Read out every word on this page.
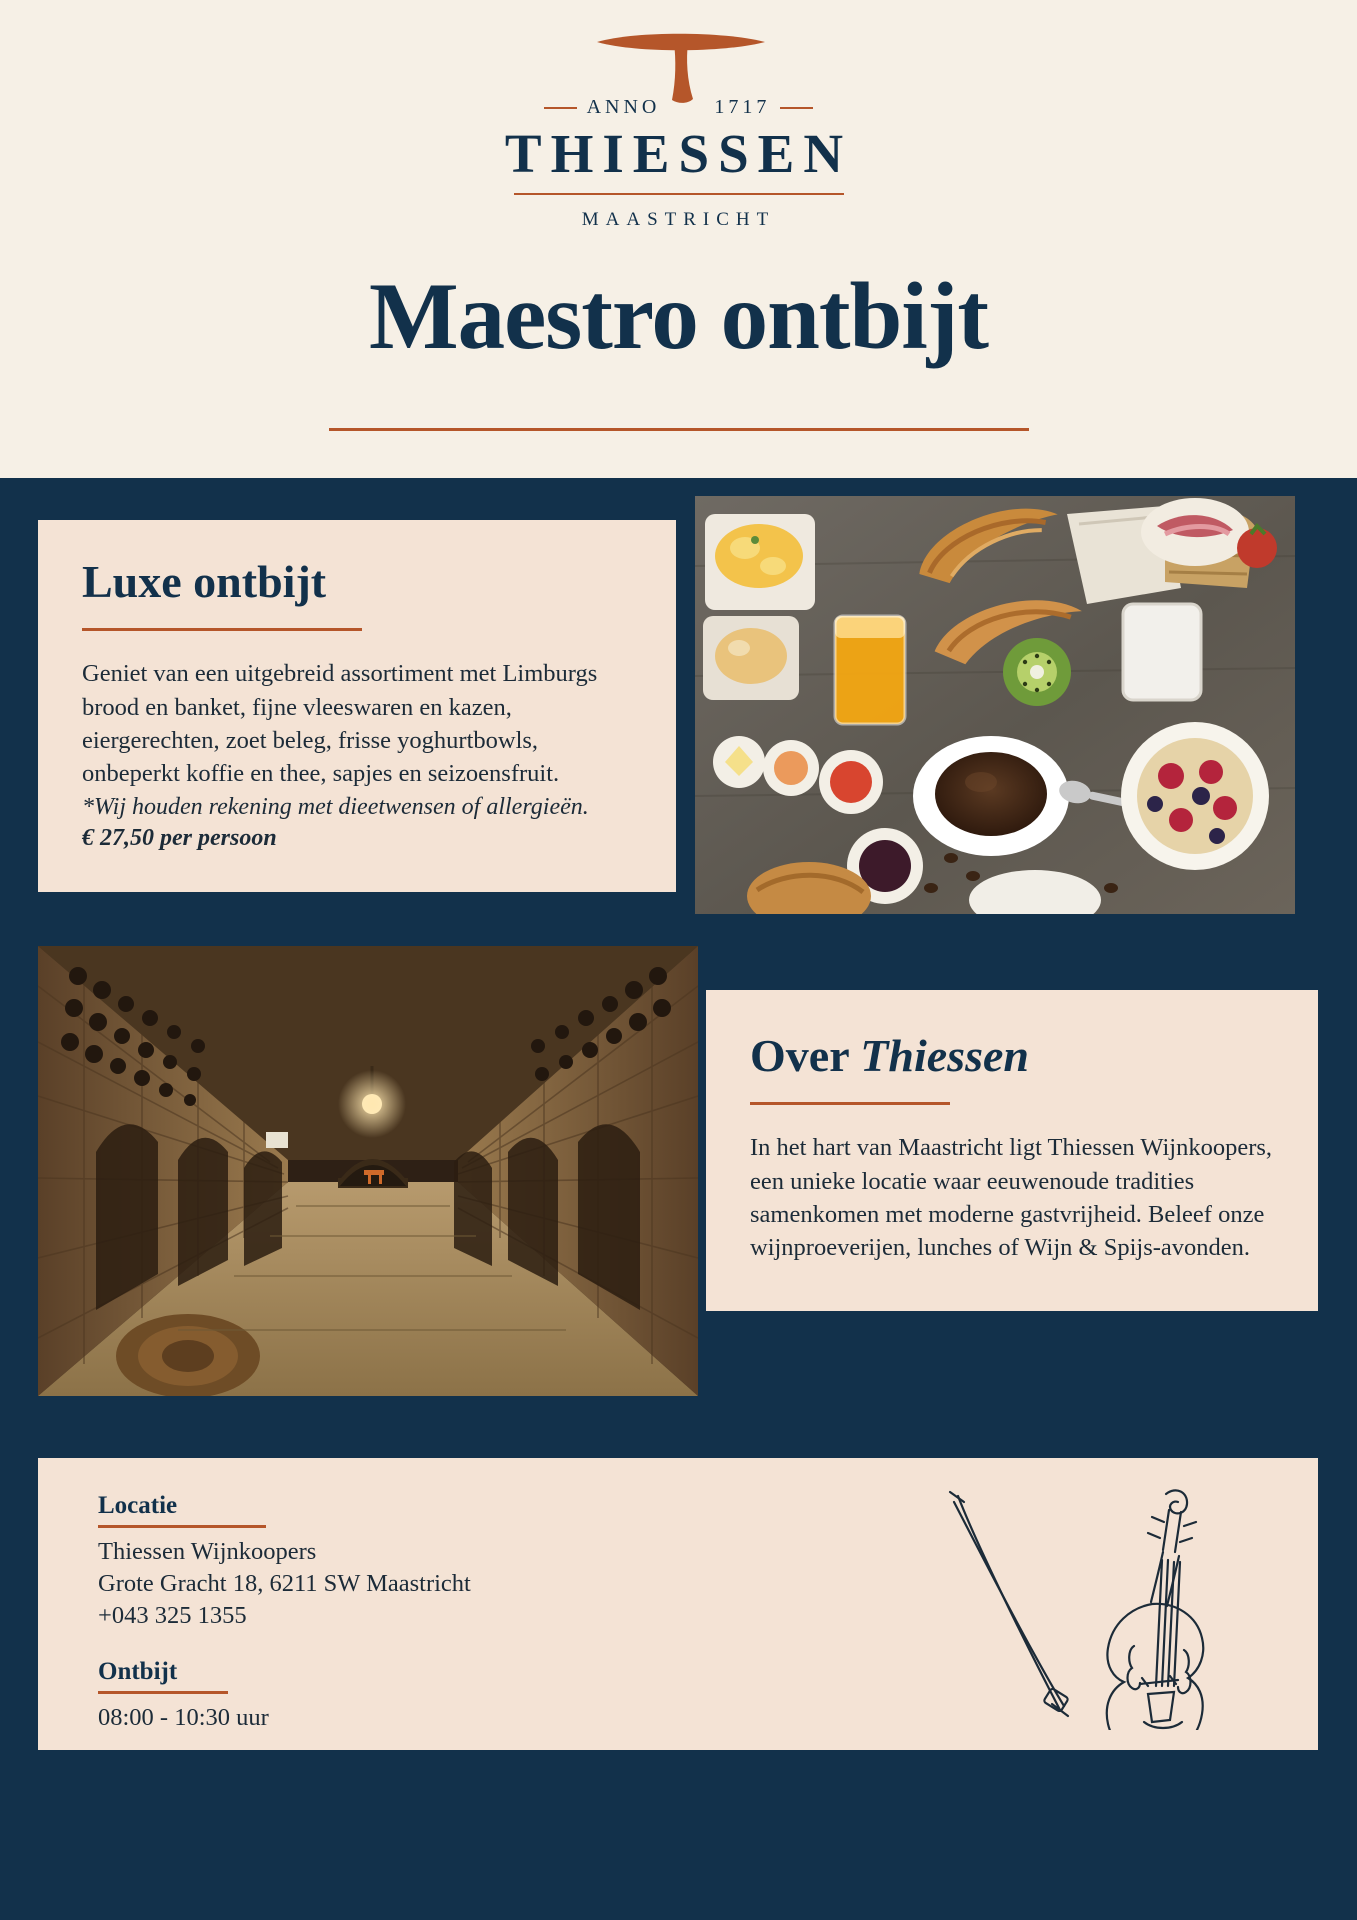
ANNO	1717
THIESSEN
MAASTRICHT
Maestro ontbijt
Luxe ontbijt

Geniet van een uitgebreid assortiment met Limburgs brood en banket, fijne vleeswaren en kazen, eiergerechten, zoet beleg, frisse yoghurtbowls, onbeperkt koffie en thee, sapjes en seizoensfruit.

*Wij houden rekening met dieetwensen of allergieën.

€ 27,50 per persoon

Over Thiessen

In het hart van Maastricht ligt Thiessen Wijnkoopers, een unieke locatie waar eeuwenoude tradities samenkomen met moderne gastvrijheid. Beleef onze wijnproeverijen, lunches of Wijn & Spijs-avonden.

Locatie

Thiessen Wijnkoopers

Grote Gracht 18, 6211 SW Maastricht

+043 325 1355

Ontbijt

08:00 - 10:30 uur
